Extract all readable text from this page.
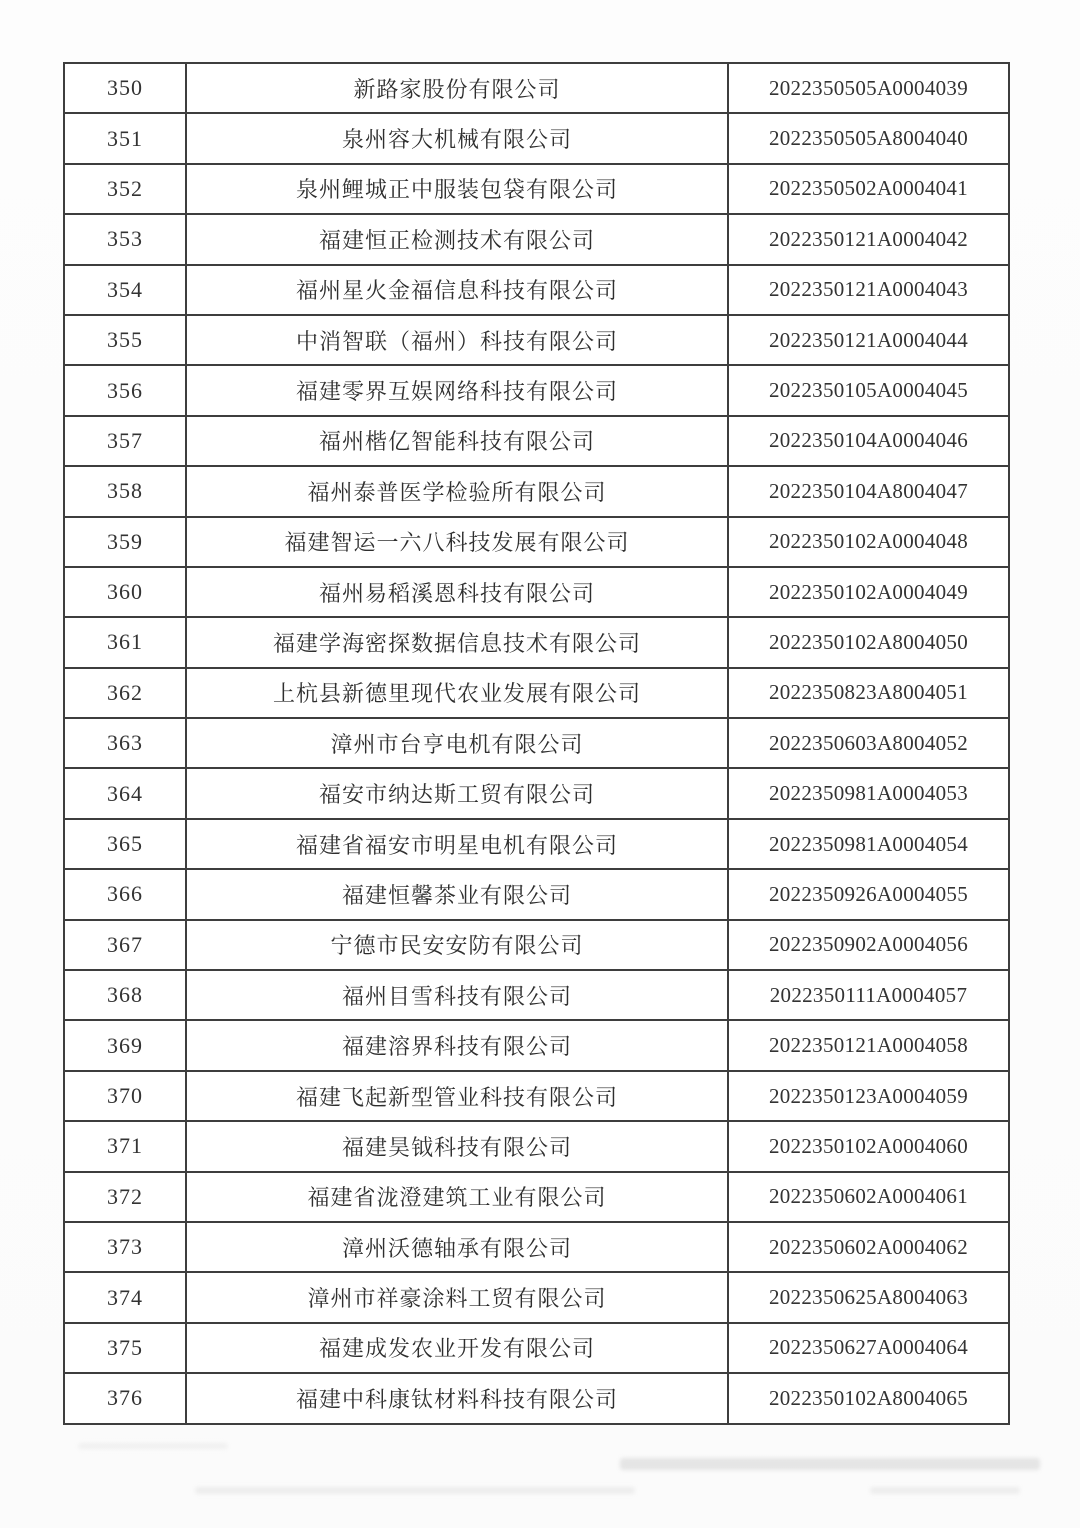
350	新路家股份有限公司	2022350505A0004039
351	泉州容大机械有限公司	2022350505A8004040
352	泉州鲤城正中服装包袋有限公司	2022350502A0004041
353	福建恒正检测技术有限公司	2022350121A0004042
354	福州星火金福信息科技有限公司	2022350121A0004043
355	中消智联（福州）科技有限公司	2022350121A0004044
356	福建零界互娱网络科技有限公司	2022350105A0004045
357	福州楷亿智能科技有限公司	2022350104A0004046
358	福州泰普医学检验所有限公司	2022350104A8004047
359	福建智运一六八科技发展有限公司	2022350102A0004048
360	福州易稻溪恩科技有限公司	2022350102A0004049
361	福建学海密探数据信息技术有限公司	2022350102A8004050
362	上杭县新德里现代农业发展有限公司	2022350823A8004051
363	漳州市台亨电机有限公司	2022350603A8004052
364	福安市纳达斯工贸有限公司	2022350981A0004053
365	福建省福安市明星电机有限公司	2022350981A0004054
366	福建恒馨茶业有限公司	2022350926A0004055
367	宁德市民安安防有限公司	2022350902A0004056
368	福州目雪科技有限公司	2022350111A0004057
369	福建溶界科技有限公司	2022350121A0004058
370	福建飞起新型管业科技有限公司	2022350123A0004059
371	福建昊钺科技有限公司	2022350102A0004060
372	福建省泷澄建筑工业有限公司	2022350602A0004061
373	漳州沃德轴承有限公司	2022350602A0004062
374	漳州市祥豪涂料工贸有限公司	2022350625A8004063
375	福建成发农业开发有限公司	2022350627A0004064
376	福建中科康钛材料科技有限公司	2022350102A8004065
